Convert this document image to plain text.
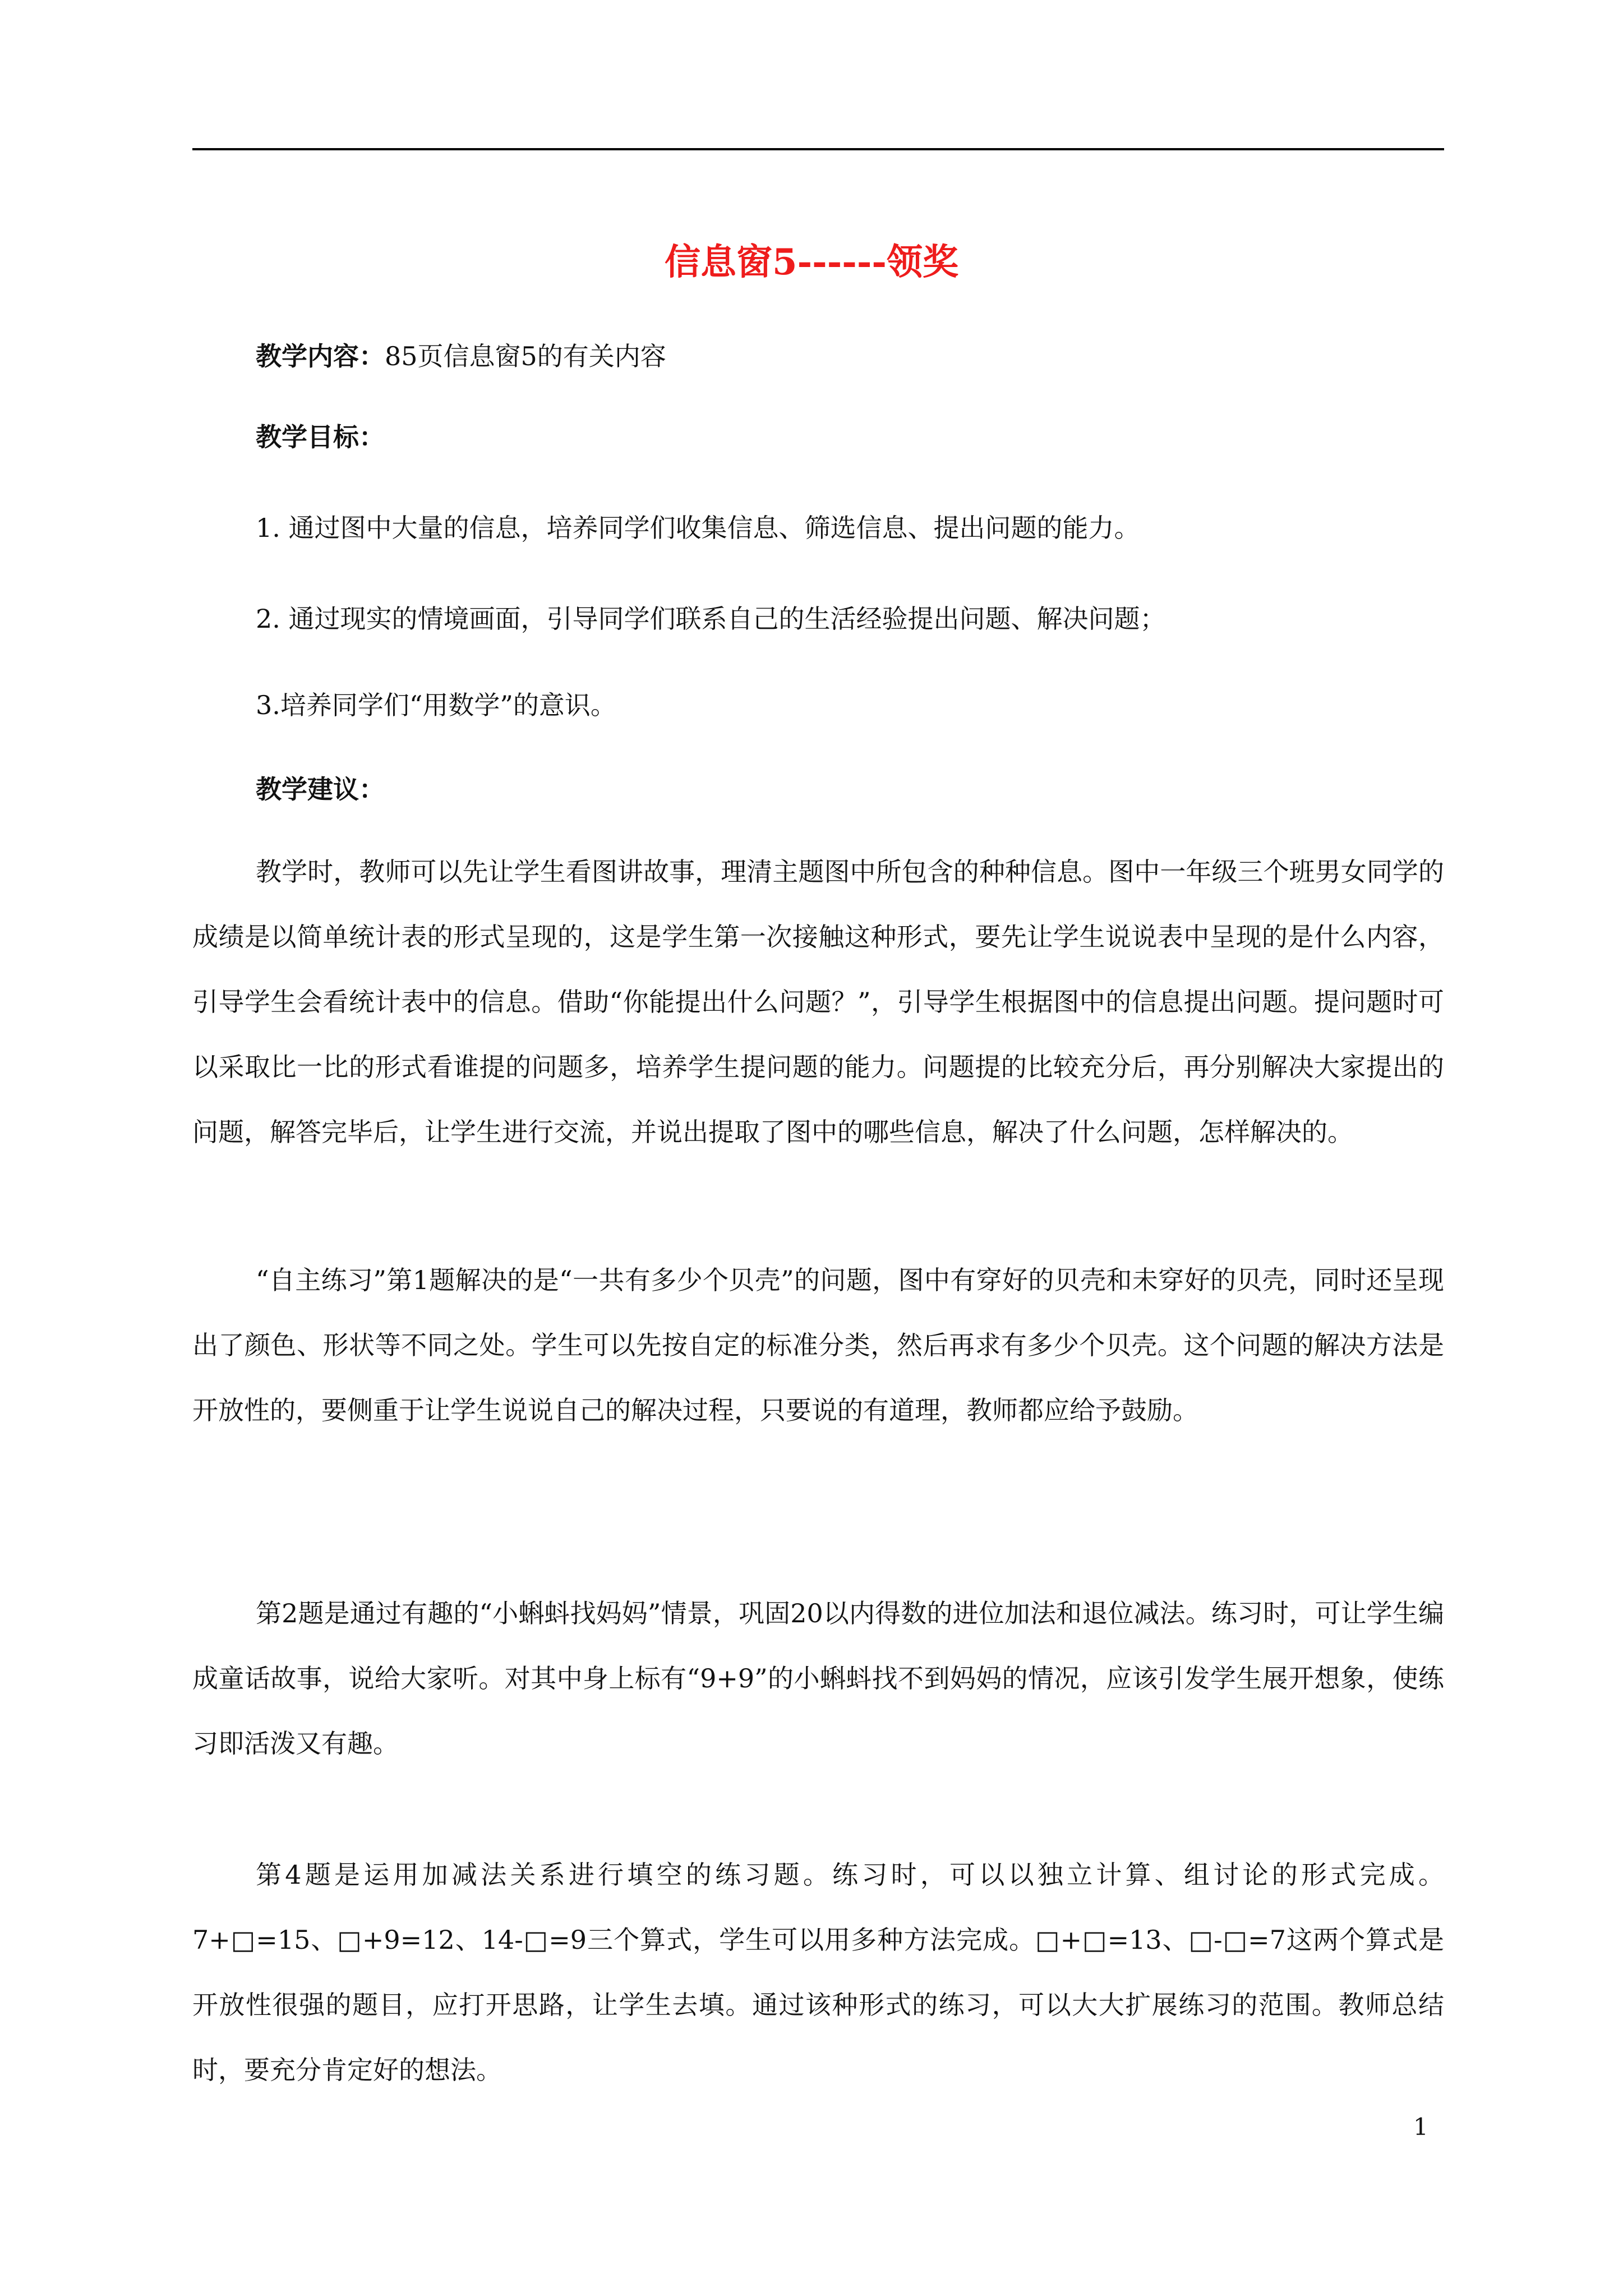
信息窗5------领奖
教学内容：85页信息窗5的有关内容
教学目标：
1. 通过图中大量的信息，培养同学们收集信息、筛选信息、提出问题的能力。
2. 通过现实的情境画面，引导同学们联系自己的生活经验提出问题、解决问题；
3.培养同学们“用数学”的意识。
教学建议：
教学时，教师可以先让学生看图讲故事，理清主题图中所包含的种种信息。图中一年级三个班男女同学的成绩是以简单统计表的形式呈现的，这是学生第一次接触这种形式，要先让学生说说表中呈现的是什么内容，引导学生会看统计表中的信息。借助“你能提出什么问题？”，引导学生根据图中的信息提出问题。提问题时可以采取比一比的形式看谁提的问题多，培养学生提问题的能力。问题提的比较充分后，再分别解决大家提出的问题，解答完毕后，让学生进行交流，并说出提取了图中的哪些信息，解决了什么问题，怎样解决的。
“自主练习”第1题解决的是“一共有多少个贝壳”的问题，图中有穿好的贝壳和未穿好的贝壳，同时还呈现出了颜色、形状等不同之处。学生可以先按自定的标准分类，然后再求有多少个贝壳。这个问题的解决方法是开放性的，要侧重于让学生说说自己的解决过程，只要说的有道理，教师都应给予鼓励。
第2题是通过有趣的“小蝌蚪找妈妈”情景，巩固20以内得数的进位加法和退位减法。练习时，可让学生编成童话故事，说给大家听。对其中身上标有“9+9”的小蝌蚪找不到妈妈的情况，应该引发学生展开想象，使练习即活泼又有趣。
第4题是运用加减法关系进行填空的练习题。练习时，可以以独立计算、组讨论的形式完成。7+□=15、□+9=12、14-□=9三个算式，学生可以用多种方法完成。□+□=13、□-□=7这两个算式是开放性很强的题目，应打开思路，让学生去填。通过该种形式的练习，可以大大扩展练习的范围。教师总结时，要充分肯定好的想法。
1
